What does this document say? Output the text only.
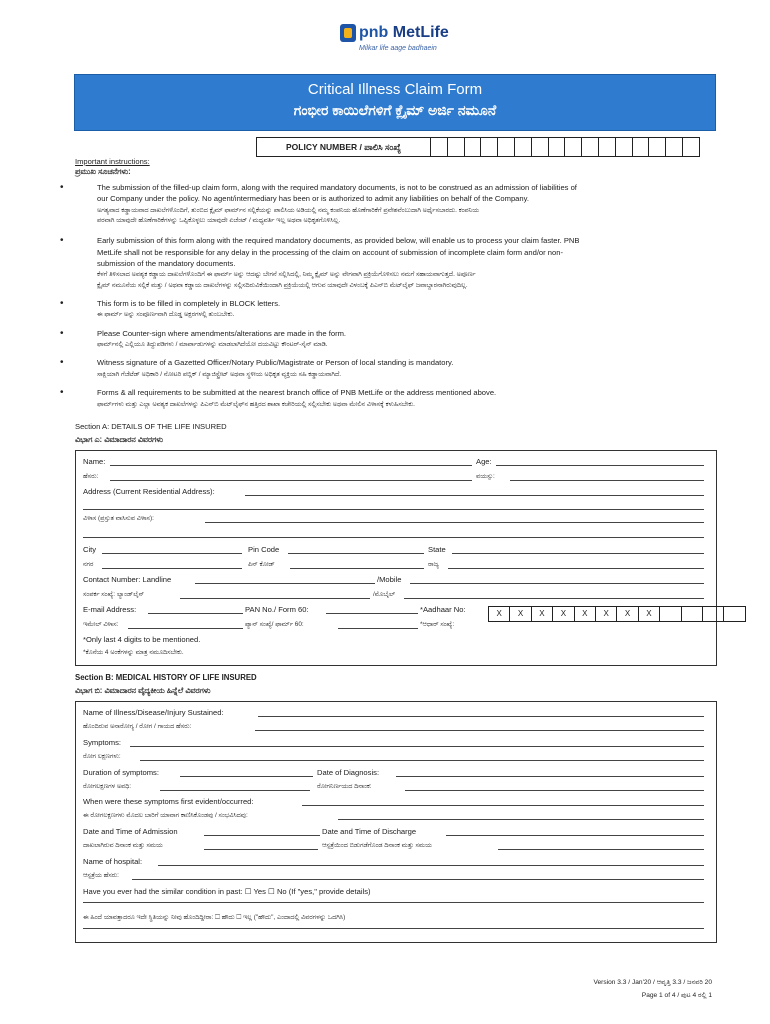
pnb MetLife
Milkar life aage badhaein
Critical Illness Claim Form
ಗಂಭೀರ ಕಾಯಿಲೆಗಳಿಗೆ ಕ್ಲೈಮ್ ಅರ್ಜಿ ನಮೂನೆ
POLICY NUMBER / ಪಾಲಿಸಿ ಸಂಖ್ಯೆ
Important instructions:
ಪ್ರಮುಖ ಸೂಚನೆಗಳು:
•	The submission of the filled-up claim form, along with the required mandatory documents, is not to be construed as an admission of liabilities of
our Company under the policy. No agent/intermediary has been or is authorized to admit any liabilities on behalf of the Company.
ಅಗತ್ಯವಾದ ಕಡ್ಡಾಯವಾದ ದಾಖಲೆಗಳೊಂದಿಗೆ, ತುಂಬಿದ ಕ್ಲೈಮ್ ಫಾರ್ಮ್‌ನ ಸಲ್ಲಿಕೆಯನ್ನು ಪಾಲಿಸಿಯ ಅಡಿಯಲ್ಲಿ ನಮ್ಮ ಕಂಪನಿಯ ಹೊಣೆಗಾರಿಕೆಗೆ ಪ್ರವೇಶವೆಂಬುದಾಗಿ ಅರ್ಥೈಸಬಾರದು. ಕಂಪನಿಯ
ಪರವಾಗಿ ಯಾವುದೇ ಹೊಣೆಗಾರಿಕೆಗಳನ್ನು ಒಪ್ಪಿಕೊಳ್ಳಲು ಯಾವುದೇ ಏಜೆಂಟ್ / ಮಧ್ಯವರ್ತಿ ಇಲ್ಲ ಅಥವಾ ಅಧಿಕೃತಗೊಳಿಸಿಲ್ಲ.
•	Early submission of this form along with the required mandatory documents, as provided below, will enable us to process your claim faster. PNB
MetLife shall not be responsible for any delay in the processing of the claim on account of submission of incomplete claim form and/or non-
submission of the mandatory documents.
ಕೆಳಗೆ ತಿಳಿಸಲಾದ ಅವಶ್ಯಕ ಕಡ್ಡಾಯ ದಾಖಲೆಗಳೊಂದಿಗೆ ಈ ಫಾರ್ಮ್ ಅನ್ನು ಆದಷ್ಟು ಬೇಗನೆ ಸಲ್ಲಿಸಿದಲ್ಲಿ, ನಿಮ್ಮ ಕ್ಲೈಮ್ ಅನ್ನು ವೇಗವಾಗಿ ಪ್ರಕ್ರಿಯೆಗೊಳಿಸಲು ನಮಗೆ ಸಹಾಯವಾಗುತ್ತದೆ. ಅಪೂರ್ಣ
ಕ್ಲೈಮ್ ನಮೂನೆಯ ಸಲ್ಲಿಕೆ ಮತ್ತು / ಅಥವಾ ಕಡ್ಡಾಯ ದಾಖಲೆಗಳನ್ನು ಸಲ್ಲಿಸದಿರುವಿಕೆಯಿಂದಾಗಿ ಪ್ರಕ್ರಿಯೆಯಲ್ಲಿ ಆಗುವ ಯಾವುದೇ ವಿಳಂಬಕ್ಕೆ ಪಿಎನ್‌ಬಿ ಮೆಟ್‌ಲೈಫ್ ಜವಾಬ್ದಾರನಾಗಿರುವುದಿಲ್ಲ.
•	This form is to be filled in completely in BLOCK letters.
ಈ ಫಾರ್ಮ್ ಅನ್ನು ಸಂಪೂರ್ಣವಾಗಿ ದೊಡ್ಡ ಅಕ್ಷರಗಳಲ್ಲಿ ತುಂಬಬೇಕು.
•	Please Counter-sign where amendments/alterations are made in the form.
ಫಾರ್ಮ್‌ನಲ್ಲಿ ಎಲ್ಲಿಯೂ ತಿದ್ದುಪಡಿಗಳು / ಮಾರ್ಪಾಡುಗಳನ್ನು ಮಾಡಲಾಗಿದೆಯೋ ದಯವಿಟ್ಟು ಕೌಂಟರ್-ಸೈನ್ ಮಾಡಿ.
•	Witness signature of a Gazetted Officer/Notary Public/Magistrate or Person of local standing is mandatory.
ಸಾಕ್ಷಿಯಾಗಿ ಗೆಜೆಟೆಡ್ ಅಧಿಕಾರಿ / ನೋಟರಿ ಪಬ್ಲಿಕ್ / ಮ್ಯಾಜಿಸ್ಟ್ರೇಟ್ ಅಥವಾ ಸ್ಥಳೀಯ ಅಧಿಕೃತ ವ್ಯಕ್ತಿಯ ಸಹಿ ಕಡ್ಡಾಯವಾಗಿದೆ.
•	Forms & all requirements to be submitted at the nearest branch office of PNB MetLife or the address mentioned above.
ಫಾರ್ಮ್‌ಗಳು ಮತ್ತು ಎಲ್ಲಾ ಅವಶ್ಯಕ ದಾಖಲೆಗಳನ್ನು ಪಿಎನ್‌ಬಿ ಮೆಟ್‌ಲೈಫ್‌ನ ಹತ್ತಿರದ ಶಾಖಾ ಕಚೇರಿಯಲ್ಲಿ ಸಲ್ಲಿಸಬೇಕು ಅಥವಾ ಮೇಲಿನ ವಿಳಾಸಕ್ಕೆ ಕಳುಹಿಸಬೇಕು.
Section A: DETAILS OF THE LIFE INSURED
ವಿಭಾಗ ಎ: ವಿಮಾದಾರನ ವಿವರಗಳು
Name:	Age:
ಹೆಸರು:	ವಯಸ್ಸು:
Address (Current Residential Address):
ವಿಳಾಸ (ಪ್ರಸ್ತುತ ವಾಸಿಸುವ ವಿಳಾಸ):
City	Pin Code	State
ನಗರ	ಪಿನ್ ಕೋಡ್	ರಾಜ್ಯ
Contact Number: Landline	/Mobile
ಸಂಪರ್ಕ ಸಂಖ್ಯೆ: ಲ್ಯಾಂಡ್‌ಲೈನ್	/ಮೊಬೈಲ್
E-mail Address:	PAN No./ Form 60:	*Aadhaar No:
ಇಮೇಲ್ ವಿಳಾಸ:	ಪ್ಯಾನ್ ಸಂಖ್ಯೆ/ ಫಾರ್ಮ್ 60:	*ಆಧಾರ್ ಸಂಖ್ಯೆ:
X	X	X	X	X	X	X	X
*Only last 4 digits to be mentioned.
*ಕೊನೆಯ 4 ಅಂಕೆಗಳನ್ನು ಮಾತ್ರ ನಮೂದಿಸಬೇಕು.
Section B: MEDICAL HISTORY OF LIFE INSURED
ವಿಭಾಗ ಬಿ: ವಿಮಾದಾರನ ವೈದ್ಯಕೀಯ ಹಿನ್ನೆಲೆ ವಿವರಗಳು
Name of Illness/Disease/Injury Sustained:
ಹೊಂದಿರುವ ಅನಾರೋಗ್ಯ / ರೋಗ / ಗಾಯದ ಹೆಸರು:
Symptoms:
ರೋಗ ಲಕ್ಷಣಗಳು:
Duration of symptoms:	Date of Diagnosis:
ರೋಗಲಕ್ಷಣಗಳ ಅವಧಿ:	ರೋಗನಿರ್ಣಯದ ದಿನಾಂಕ:
When were these symptoms first evident/occurred:
ಈ ರೋಗಲಕ್ಷಣಗಳು ಮೊದಲ ಬಾರಿಗೆ ಯಾವಾಗ ಕಾಣಿಸಿಕೊಂಡವು / ಸಂಭವಿಸಿದವು:
Date and Time of Admission	Date and Time of Discharge
ದಾಖಲಾಗಿರುವ ದಿನಾಂಕ ಮತ್ತು ಸಮಯ	ಆಸ್ಪತ್ರೆಯಿಂದ ಬಿಡುಗಡೆಗೊಂಡ ದಿನಾಂಕ ಮತ್ತು ಸಮಯ
Name of hospital:
ಆಸ್ಪತ್ರೆಯ ಹೆಸರು:
Have you ever had the similar condition in past: ☐ Yes ☐ No (If "yes," provide details)
ಈ ಹಿಂದೆ ಯಾವತ್ತಾದರೂ ಇದೇ ಸ್ಥಿತಿಯನ್ನು ನೀವು ಹೊಂದಿದ್ದೀರಾ: ☐ ಹೌದು ☐ ಇಲ್ಲ ("ಹೌದು", ಎಂದಾದಲ್ಲಿ ವಿವರಗಳನ್ನು ಒದಗಿಸಿ)
Version 3.3 / Jan'20 / ಆವೃತ್ತಿ 3.3 / ಜನವರಿ 20
Page 1 of 4 / ಪುಟ 4 ರಲ್ಲಿ 1
